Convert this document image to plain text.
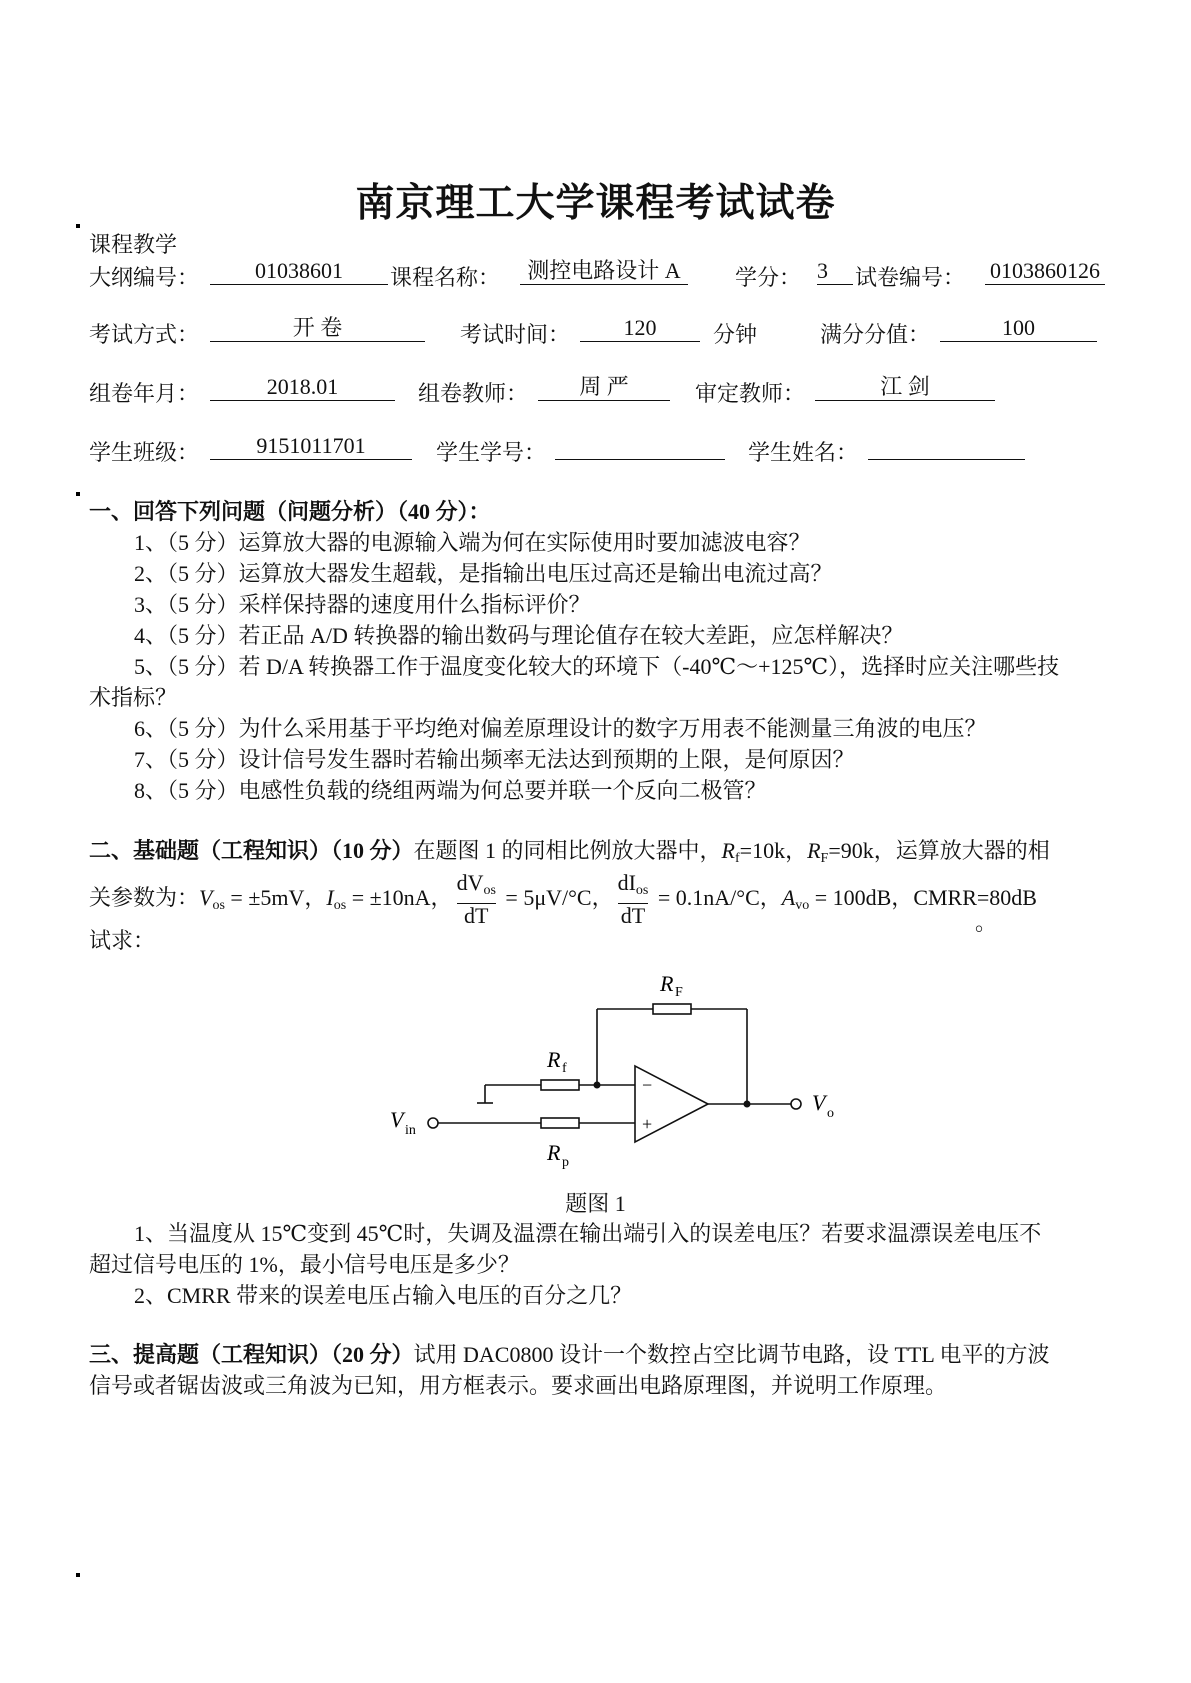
南京理工大学课程考试试卷
课程教学
大纲编号：	01038601	课程名称：	测控电路设计 A	学分： 3	试卷编号： 0103860126
考试方式：	开 卷	考试时间：	120	分钟	满分分值：	100
组卷年月：	2018.01	组卷教师：	周 严	审定教师：	江 剑
学生班级：	9151011701	学生学号：	学生姓名：
一、回答下列问题（问题分析）（40 分）：
1、（5 分）运算放大器的电源输入端为何在实际使用时要加滤波电容？
2、（5 分）运算放大器发生超载，是指输出电压过高还是输出电流过高？
3、（5 分）采样保持器的速度用什么指标评价？
4、（5 分）若正品 A/D 转换器的输出数码与理论值存在较大差距，应怎样解决？
5、（5 分）若 D/A 转换器工作于温度变化较大的环境下（-40℃～+125℃），选择时应关注哪些技
术指标？
6、（5 分）为什么采用基于平均绝对偏差原理设计的数字万用表不能测量三角波的电压？
7、（5 分）设计信号发生器时若输出频率无法达到预期的上限，是何原因？
8、（5 分）电感性负载的绕组两端为何总要并联一个反向二极管？
二、基础题（工程知识）（10 分）在题图 1 的同相比例放大器中，$R_f=10k$，$R_F=90k$，运算放大器的相
关参数为：$V_{os} = \pm 5mV$，$I_{os} = \pm 10nA$， $\frac{dV_{os}}{dT} = 5\mu V/^\circ C$， $\frac{dI_{os}}{dT} = 0.1nA/^\circ C$，$A_{vo} = 100dB$，CMRR=80dB
。
试求：
−
+
R F
R f
R p
V in
V o
题图 1
1、当温度从 15℃变到 45℃时，失调及温漂在输出端引入的误差电压？若要求温漂误差电压不
超过信号电压的 1%，最小信号电压是多少？
2、CMRR 带来的误差电压占输入电压的百分之几？
三、提高题（工程知识）（20 分）试用 DAC0800 设计一个数控占空比调节电路，设 TTL 电平的方波
信号或者锯齿波或三角波为已知，用方框表示。要求画出电路原理图，并说明工作原理。
